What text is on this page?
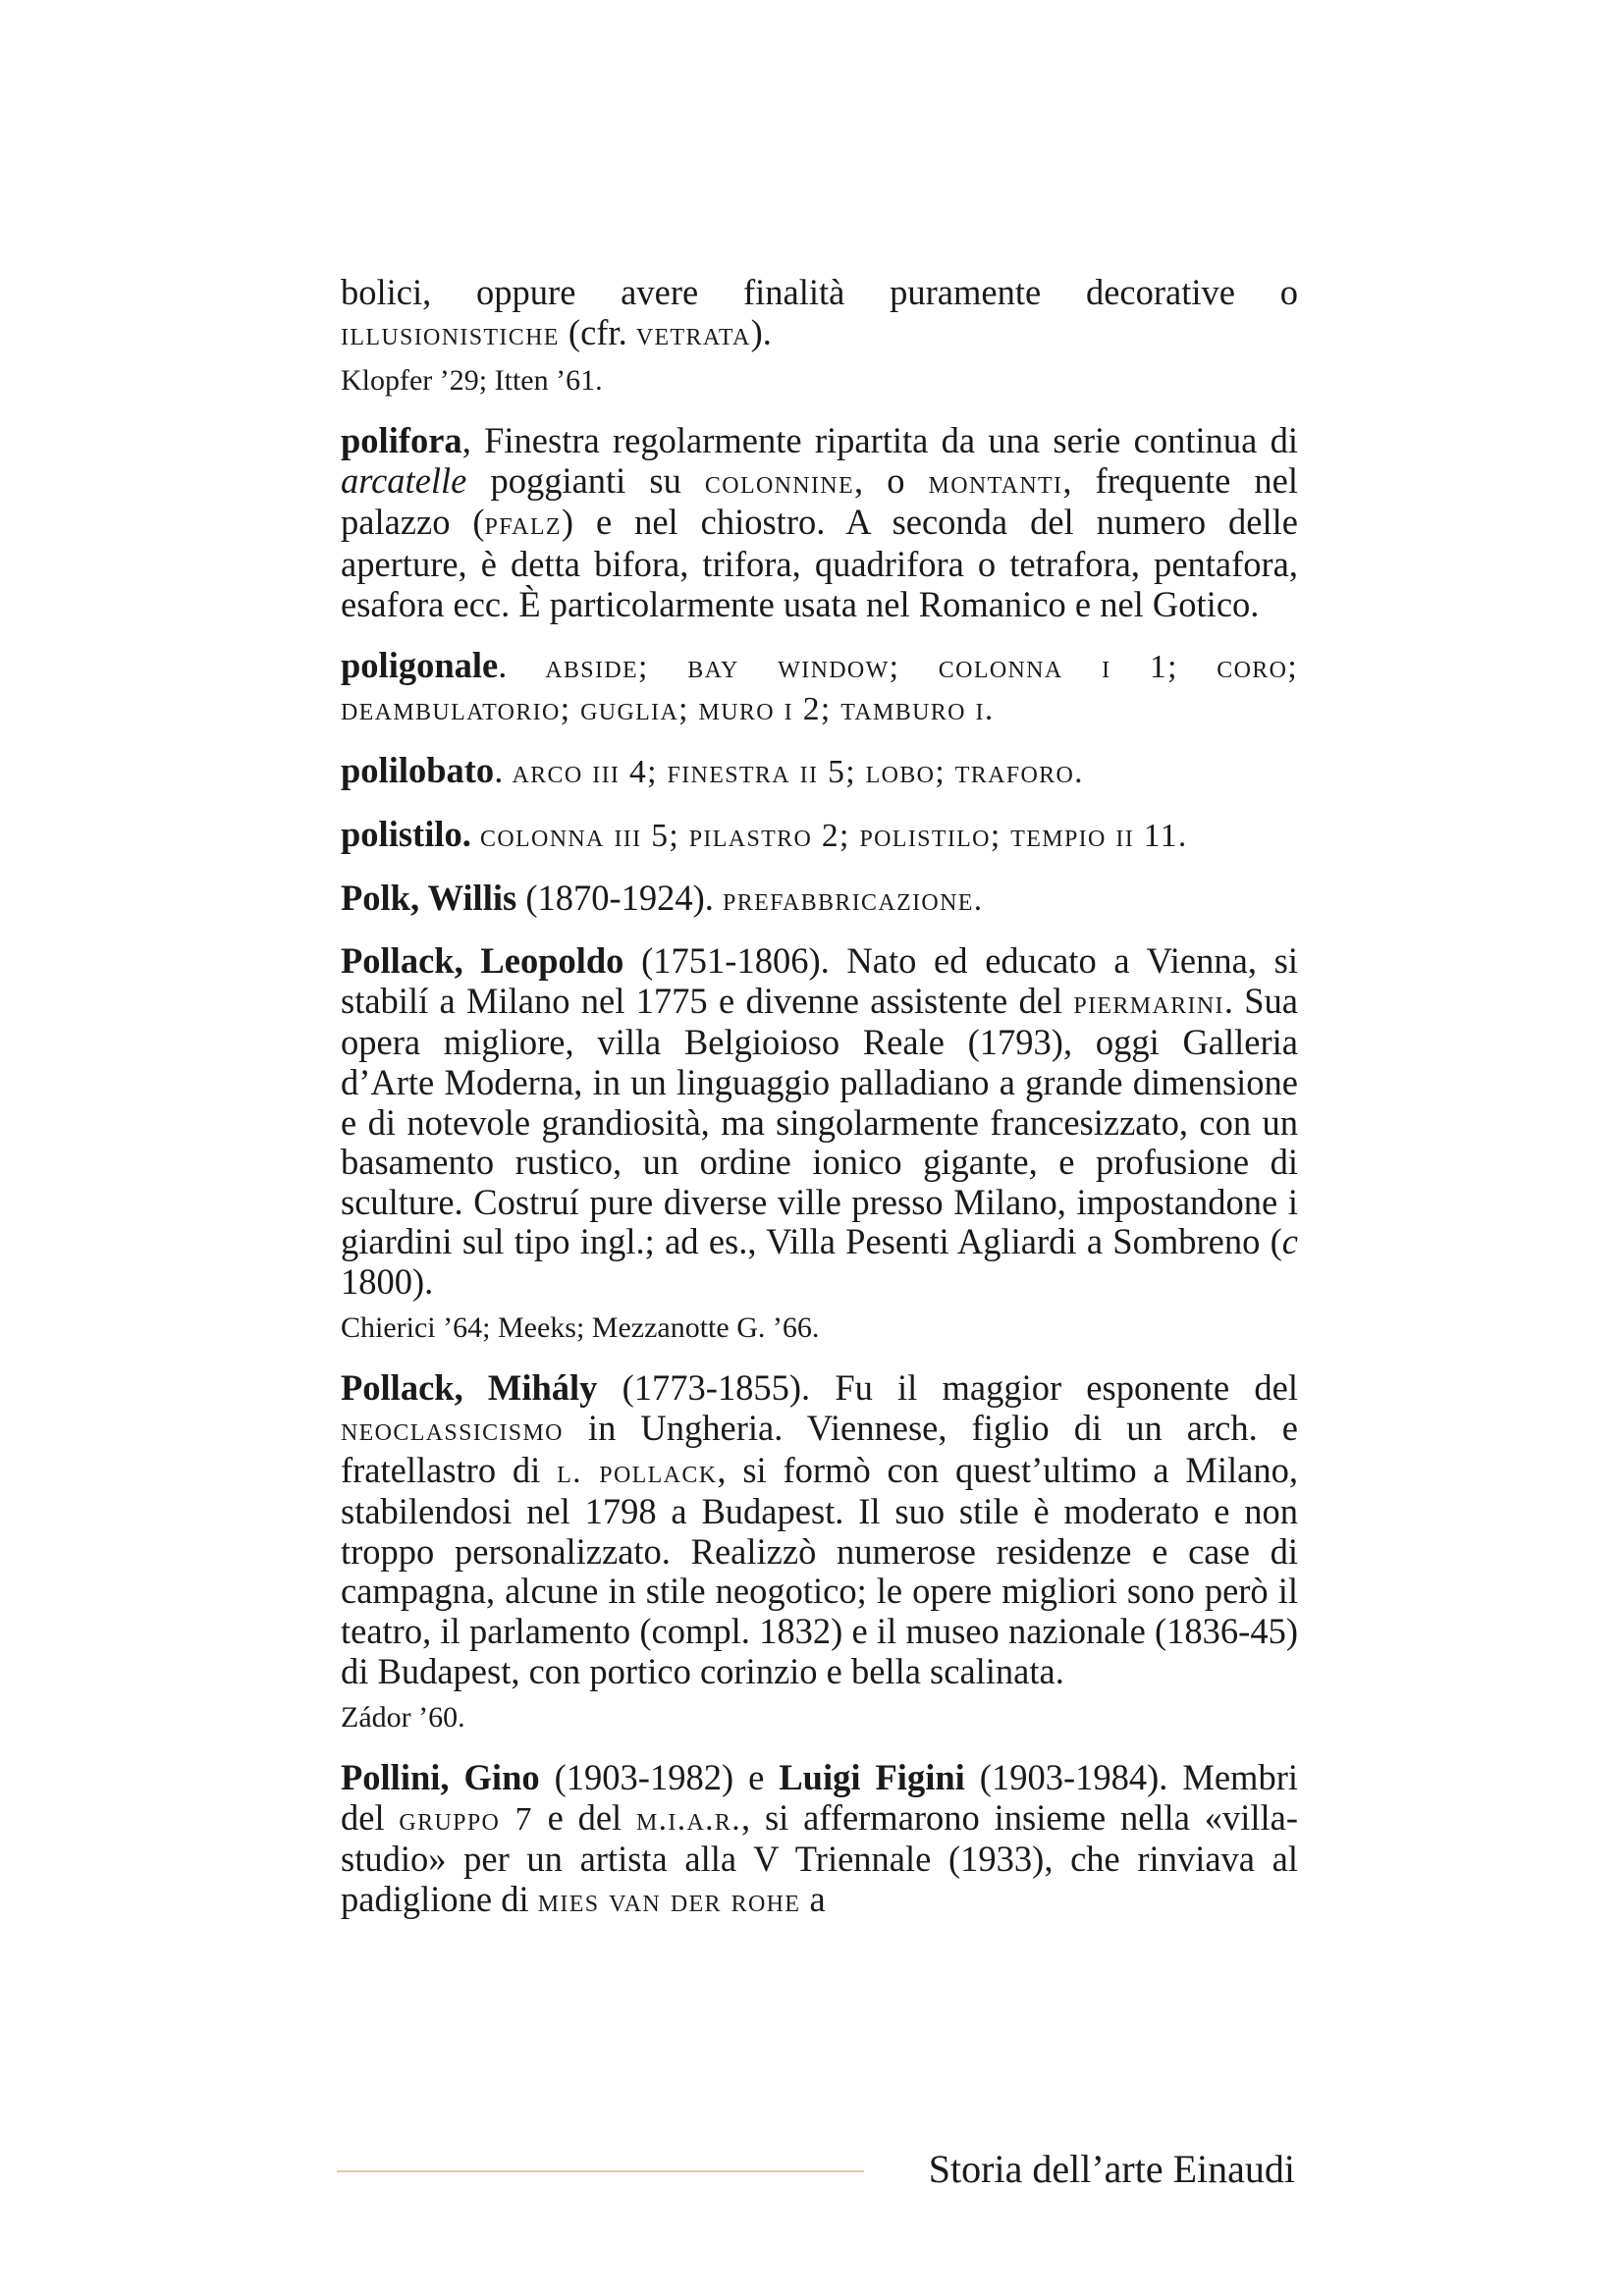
bolici, oppure avere finalità puramente decorative o illusionistiche (cfr. vetrata).

Klopfer ’29; Itten ’61.

polifora, Finestra regolarmente ripartita da una serie continua di arcatelle poggianti su colonnine, o montanti, frequente nel palazzo (pfalz) e nel chiostro. A seconda del numero delle aperture, è detta bifora, trifora, quadrifora o tetrafora, pentafora, esafora ecc. È particolarmente usata nel Romanico e nel Gotico.

poligonale. abside; bay window; colonna i 1; coro; deambulatorio; guglia; muro i 2; tamburo i.

polilobato. arco iii 4; finestra ii 5; lobo; traforo.

polistilo. colonna iii 5; pilastro 2; polistilo; tempio ii 11.

Polk, Willis (1870-1924). prefabbricazione.

Pollack, Leopoldo (1751-1806). Nato ed educato a Vienna, si stabilí a Milano nel 1775 e divenne assistente del piermarini. Sua opera migliore, villa Belgioioso Reale (1793), oggi Galleria d’Arte Moderna, in un linguaggio palladiano a grande dimensione e di notevole grandiosità, ma singolarmente francesizzato, con un basamento rustico, un ordine ionico gigante, e profusione di sculture. Costruí pure diverse ville presso Milano, impostandone i giardini sul tipo ingl.; ad es., Villa Pesenti Agliardi a Sombreno (c 1800).

Chierici ’64; Meeks; Mezzanotte G. ’66.

Pollack, Mihály (1773-1855). Fu il maggior esponente del neoclassicismo in Ungheria. Viennese, figlio di un arch. e fratellastro di l. pollack, si formò con quest’ultimo a Milano, stabilendosi nel 1798 a Budapest. Il suo stile è moderato e non troppo personalizzato. Realizzò numerose residenze e case di campagna, alcune in stile neogotico; le opere migliori sono però il teatro, il parlamento (compl. 1832) e il museo nazionale (1836-45) di Budapest, con portico corinzio e bella scalinata.

Zádor ’60.

Pollini, Gino (1903-1982) e Luigi Figini (1903-1984). Membri del gruppo 7 e del m.i.a.r., si affermarono insieme nella «villa-studio» per un artista alla V Triennale (1933), che rinviava al padiglione di mies van der rohe a

Storia dell’arte Einaudi
